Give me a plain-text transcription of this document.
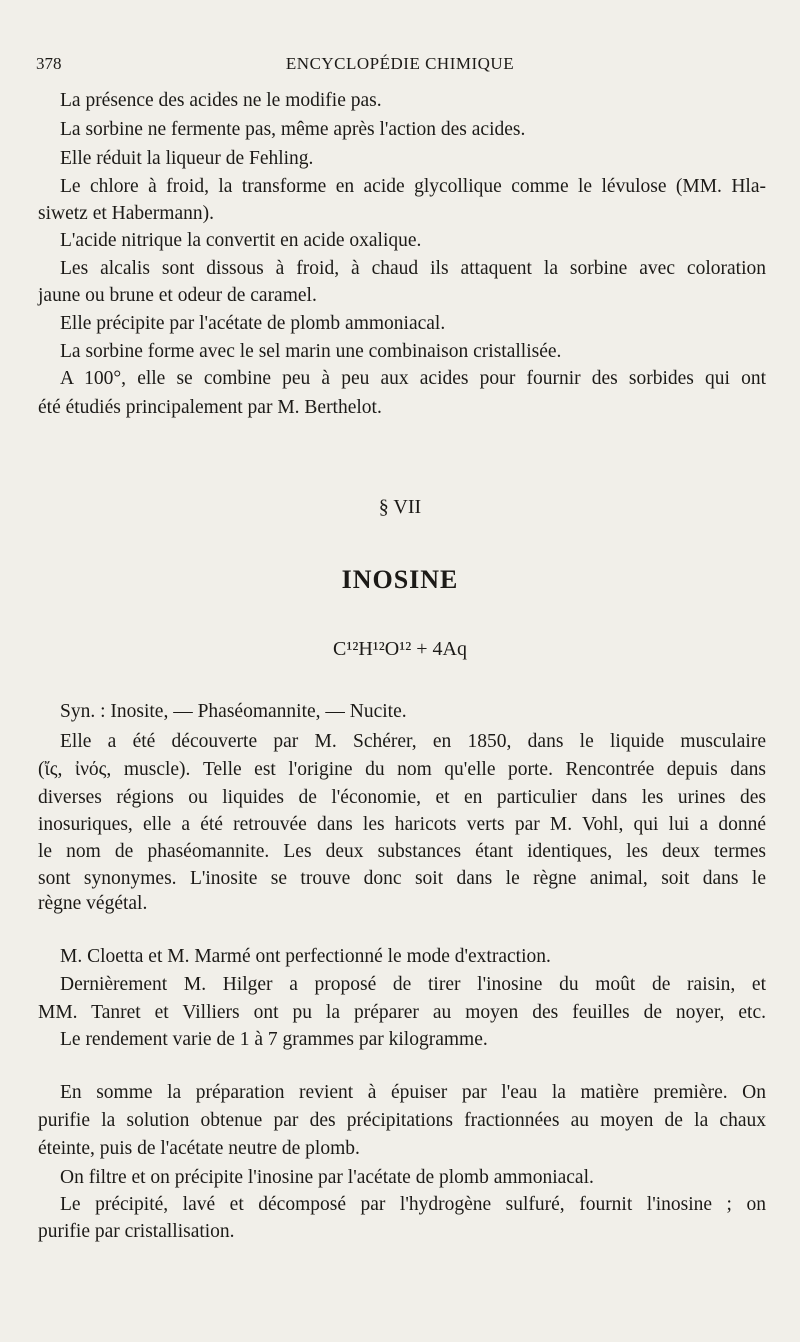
378	ENCYCLOPÉDIE CHIMIQUE

La présence des acides ne le modifie pas.

La sorbine ne fermente pas, même après l'action des acides.

Elle réduit la liqueur de Fehling.

Le chlore à froid, la transforme en acide glycollique comme le lévulose (MM. Hla-

siwetz et Habermann).

L'acide nitrique la convertit en acide oxalique.

Les alcalis sont dissous à froid, à chaud ils attaquent la sorbine avec coloration

jaune ou brune et odeur de caramel.

Elle précipite par l'acétate de plomb ammoniacal.

La sorbine forme avec le sel marin une combinaison cristallisée.

A 100°, elle se combine peu à peu aux acides pour fournir des sorbides qui ont

été étudiés principalement par M. Berthelot.

§ VII

INOSINE

C¹²H¹²O¹² + 4Aq

Syn. : Inosite, — Phaséomannite, — Nucite.

Elle a été découverte par M. Schérer, en 1850, dans le liquide musculaire

(ἴς, ἰνός, muscle). Telle est l'origine du nom qu'elle porte. Rencontrée depuis dans

diverses régions ou liquides de l'économie, et en particulier dans les urines des

inosuriques, elle a été retrouvée dans les haricots verts par M. Vohl, qui lui a donné

le nom de phaséomannite. Les deux substances étant identiques, les deux termes

sont synonymes. L'inosite se trouve donc soit dans le règne animal, soit dans le

règne végétal.

M. Cloetta et M. Marmé ont perfectionné le mode d'extraction.

Dernièrement M. Hilger a proposé de tirer l'inosine du moût de raisin, et

MM. Tanret et Villiers ont pu la préparer au moyen des feuilles de noyer, etc.

Le rendement varie de 1 à 7 grammes par kilogramme.

En somme la préparation revient à épuiser par l'eau la matière première. On

purifie la solution obtenue par des précipitations fractionnées au moyen de la chaux

éteinte, puis de l'acétate neutre de plomb.

On filtre et on précipite l'inosine par l'acétate de plomb ammoniacal.

Le précipité, lavé et décomposé par l'hydrogène sulfuré, fournit l'inosine ; on

purifie par cristallisation.
